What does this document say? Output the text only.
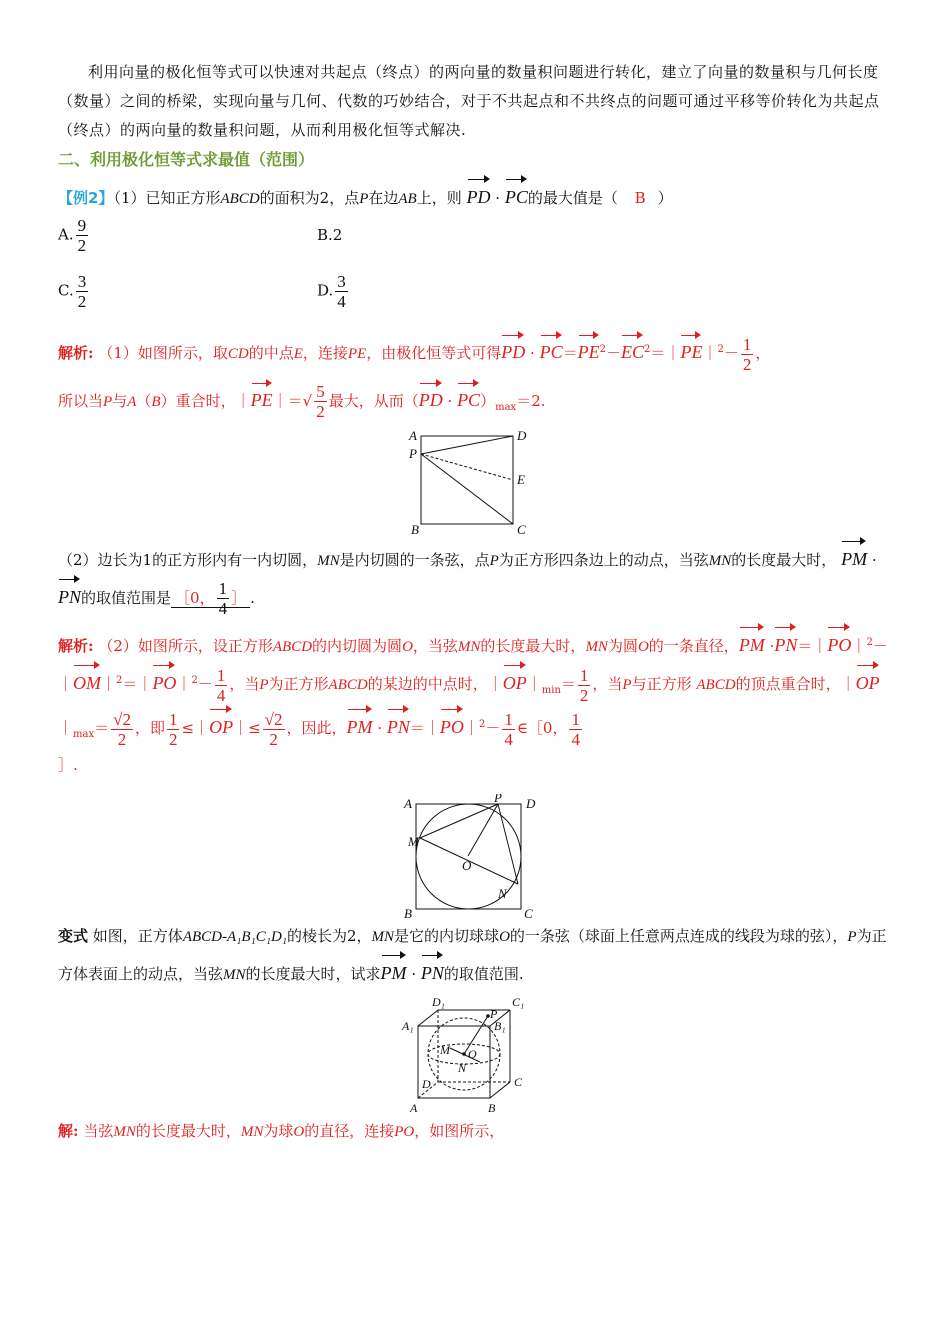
利用向量的极化恒等式可以快速对共起点（终点）的两向量的数量积问题进行转化，建立了向量的数量积与几何长度（数量）之间的桥梁，实现向量与几何、代数的巧妙结合，对于不共起点和不共终点的问题可通过平移等价转化为共起点（终点）的两向量的数量积问题，从而利用极化恒等式解决.

二、利用极化恒等式求最值（范围）
【例2】（1）已知正方形ABCD的面积为2，点P在边AB上，则 PD · PC的最大值是（ B ）
A. $\frac{9}{2}$	B.2
C. $\frac{3}{2}$	D. $\frac{3}{4}$
解析: （1）如图所示，取CD的中点E，连接PE，由极化恒等式可得PD · $PC=PE^2-EC^2=|PE|^2- \frac{1}{2}$ ，
所以当P与A（B）重合时，｜PE｜＝√ $\frac{5}{2}$ 最大，从而$(PD \cdot PC)_{max}=2$.
A	D
P
E
B	C
（2）边长为1的正方形内有一内切圆，MN是内切圆的一条弦，点P为正方形四条边上的动点，当弦MN的长度最大时， PM · PN的取值范围是 ［0， $\frac{1}{4}$ ］ .
解析: （2）如图所示，设正方形ABCD的内切圆为圆O，当弦MN的长度最大时，MN为圆O的一条直径，PM ·PN＝｜PO｜$^2$－｜OM｜$^2$＝｜PO｜$^2$－ $\frac{1}{4}$ ，当P为正方形ABCD的某边的中点时，$|OP|_{min}= \frac{1}{2}$ ，当P与正方形 ABCD的顶点重合时，$|OP|_{max}= \frac{√2}{2}$ ，即 $\frac{1}{2}$ ≤｜OP｜≤ $\frac{√2}{2}$ ，因此，PM · PN＝｜PO｜$^2$－ $\frac{1}{4}$ ∈［0， $\frac{1}{4}$
］.
A	P D
M
O
N
B	C
变式 如图，正方体ABCD-A₁B₁C₁D₁的棱长为2，MN是它的内切球球O的一条弦（球面上任意两点连成的线段为球的弦），P为正方体表面上的动点，当弦MN的长度最大时，试求PM · PN的取值范围.
D₁	C₁
P
A₁	B₁
M O
N
D	C
A	B
解: 当弦MN的长度最大时，MN为球O的直径，连接PO，如图所示，
